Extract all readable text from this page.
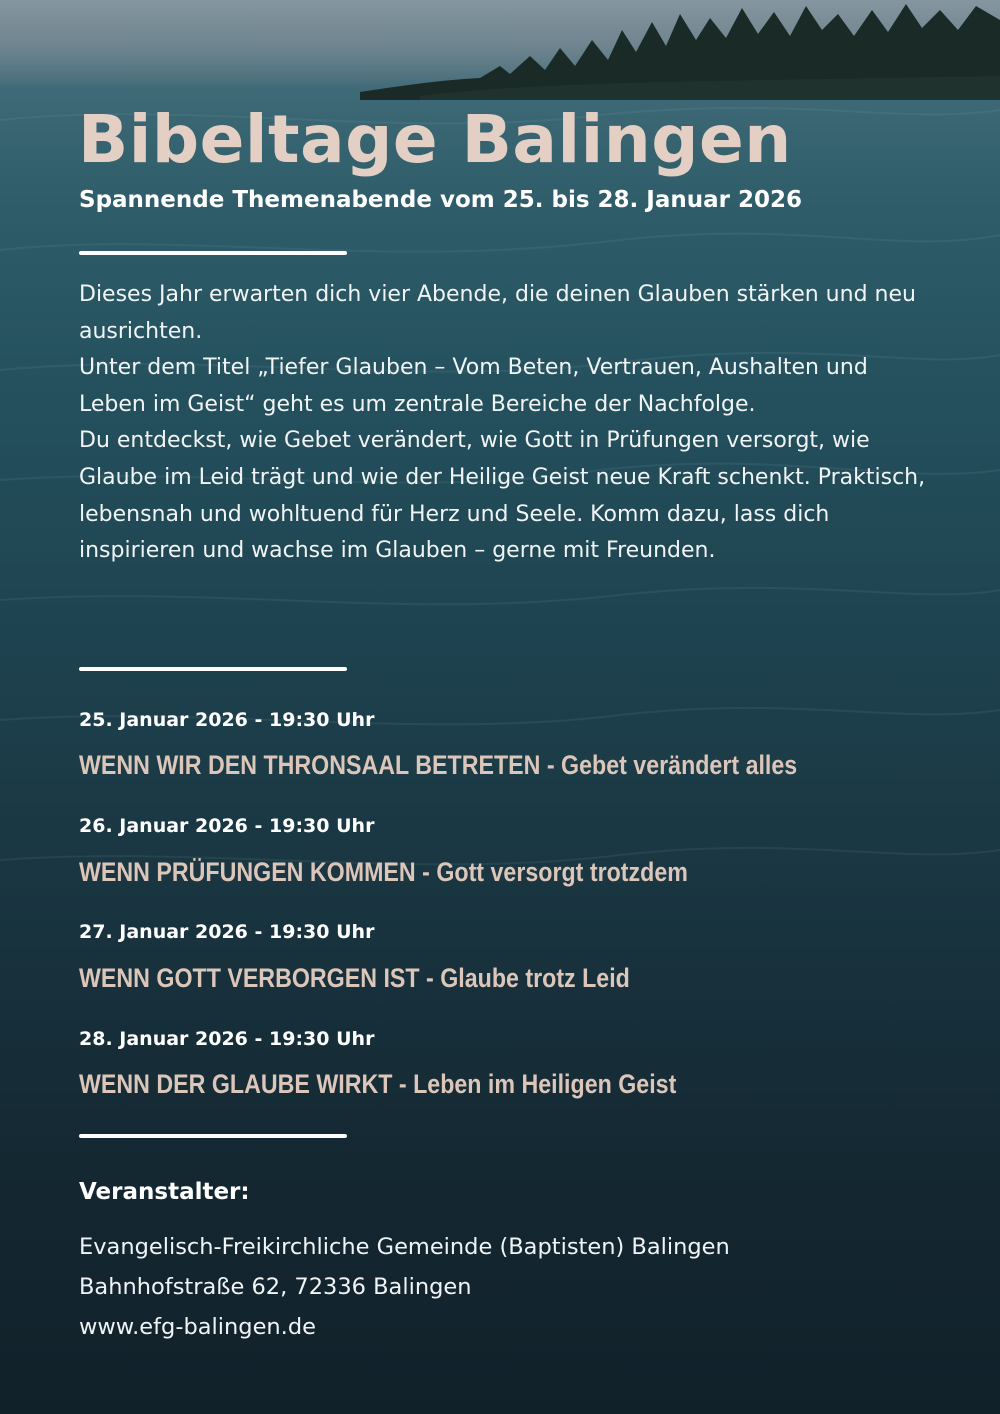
Bibeltage Balingen
Spannende Themenabende vom 25. bis 28. Januar 2026

Dieses Jahr erwarten dich vier Abende, die deinen Glauben stärken und neu ausrichten.

Unter dem Titel „Tiefer Glauben – Vom Beten, Vertrauen, Aushalten und Leben im Geist“ geht es um zentrale Bereiche der Nachfolge.

Du entdeckst, wie Gebet verändert, wie Gott in Prüfungen versorgt, wie Glaube im Leid trägt und wie der Heilige Geist neue Kraft schenkt. Praktisch, lebensnah und wohltuend für Herz und Seele. Komm dazu, lass dich inspirieren und wachse im Glauben – gerne mit Freunden.

25. Januar 2026 - 19:30 Uhr

WENN WIR DEN THRONSAAL BETRETEN - Gebet verändert alles

26. Januar 2026 - 19:30 Uhr

WENN PRÜFUNGEN KOMMEN - Gott versorgt trotzdem

27. Januar 2026 - 19:30 Uhr

WENN GOTT VERBORGEN IST - Glaube trotz Leid

28. Januar 2026 - 19:30 Uhr

WENN DER GLAUBE WIRKT - Leben im Heiligen Geist

Veranstalter:
Evangelisch-Freikirchliche Gemeinde (Baptisten) Balingen
Bahnhofstraße 62, 72336 Balingen
www.efg-balingen.de
